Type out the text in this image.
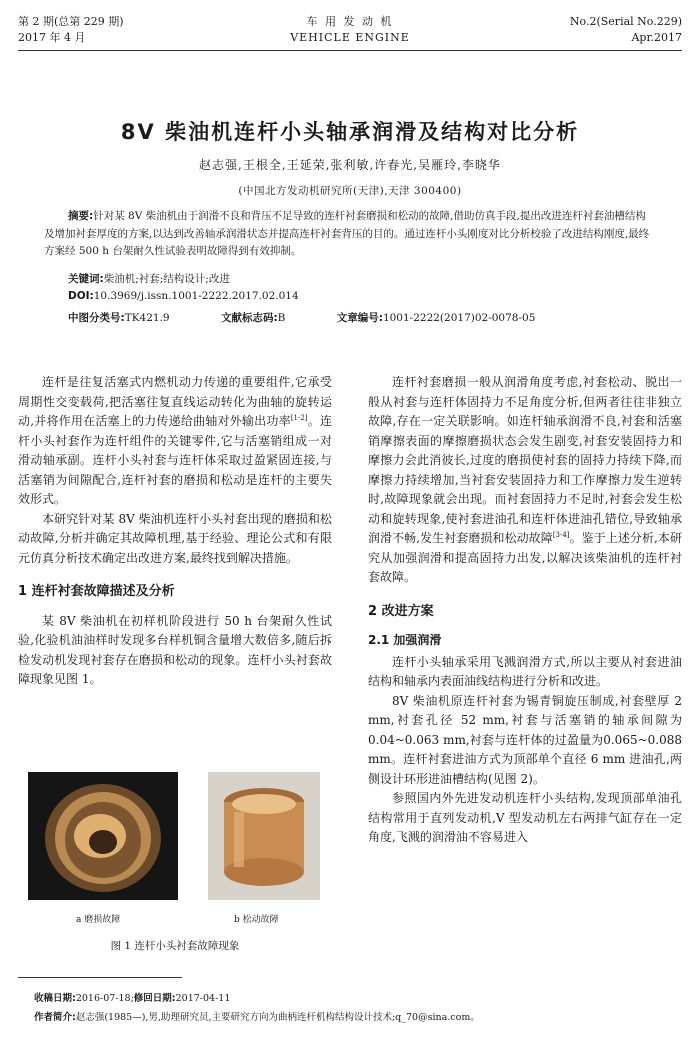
第 2 期(总第 229 期)
2017 年 4 月
车 用 发 动 机
VEHICLE ENGINE
No.2(Serial No.229)
Apr.2017
8V 柴油机连杆小头轴承润滑及结构对比分析
赵志强,王根全,王延荣,张利敏,许春光,吴雁玲,李晓华
(中国北方发动机研究所(天津),天津 300400)

摘要:针对某 8V 柴油机由于润滑不良和背压不足导致的连杆衬套磨损和松动的故障,借助仿真手段,提出改进连杆衬套油槽结构及增加衬套厚度的方案,以达到改善轴承润滑状态并提高连杆衬套背压的目的。通过连杆小头刚度对比分析校验了改进结构刚度,最终方案经 500 h 台架耐久性试验表明故障得到有效抑制。

关键词:柴油机;衬套;结构设计;改进
DOI:10.3969/j.issn.1001-2222.2017.02.014
中图分类号:TK421.9	文献标志码:B	文章编号:1001-2222(2017)02-0078-05

连杆是往复活塞式内燃机动力传递的重要组件,它承受周期性交变载荷,把活塞往复直线运动转化为曲轴的旋转运动,并将作用在活塞上的力传递给曲轴对外输出功率[1-2]。连杆小头衬套作为连杆组件的关键零件,它与活塞销组成一对滑动轴承副。连杆小头衬套与连杆体采取过盈紧固连接,与活塞销为间隙配合,连杆衬套的磨损和松动是连杆的主要失效形式。

本研究针对某 8V 柴油机连杆小头衬套出现的磨损和松动故障,分析并确定其故障机理,基于经验、理论公式和有限元仿真分析技术确定出改进方案,最终找到解决措施。

1 连杆衬套故障描述及分析

某 8V 柴油机在初样机阶段进行 50 h 台架耐久性试验,化验机油油样时发现多台样机铜含量增大数倍多,随后拆检发动机发现衬套存在磨损和松动的现象。连杆小头衬套故障现象见图 1。

a 磨损故障	b 松动故障
图 1 连杆小头衬套故障现象

连杆衬套磨损一般从润滑角度考虑,衬套松动、脱出一般从衬套与连杆体固持力不足角度分析,但两者往往非独立故障,存在一定关联影响。如连杆轴承润滑不良,衬套和活塞销摩擦表面的摩擦磨损状态会发生剧变,衬套安装固持力和摩擦力会此消彼长,过度的磨损使衬套的固持力持续下降,而摩擦力持续增加,当衬套安装固持力和工作摩擦力发生逆转时,故障现象就会出现。而衬套固持力不足时,衬套会发生松动和旋转现象,使衬套进油孔和连杆体进油孔错位,导致轴承润滑不畅,发生衬套磨损和松动故障[3-4]。鉴于上述分析,本研究从加强润滑和提高固持力出发,以解决该柴油机的连杆衬套故障。

2 改进方案
2.1 加强润滑

连杆小头轴承采用飞溅润滑方式,所以主要从衬套进油结构和轴承内表面油线结构进行分析和改进。

8V 柴油机原连杆衬套为锡青铜旋压制成,衬套壁厚 2 mm,衬套孔径 52 mm,衬套与活塞销的轴承间隙为 0.04~0.063 mm,衬套与连杆体的过盈量为0.065~0.088 mm。连杆衬套进油方式为顶部单个直径 6 mm 进油孔,两侧设计环形进油槽结构(见图 2)。

参照国内外先进发动机连杆小头结构,发现顶部单油孔结构常用于直列发动机,V 型发动机左右两排气缸存在一定角度,飞溅的润滑油不容易进入

收稿日期:2016-07-18;修回日期:2017-04-11
作者简介:赵志强(1985—),男,助理研究员,主要研究方向为曲柄连杆机构结构设计技术;q_70@sina.com。
